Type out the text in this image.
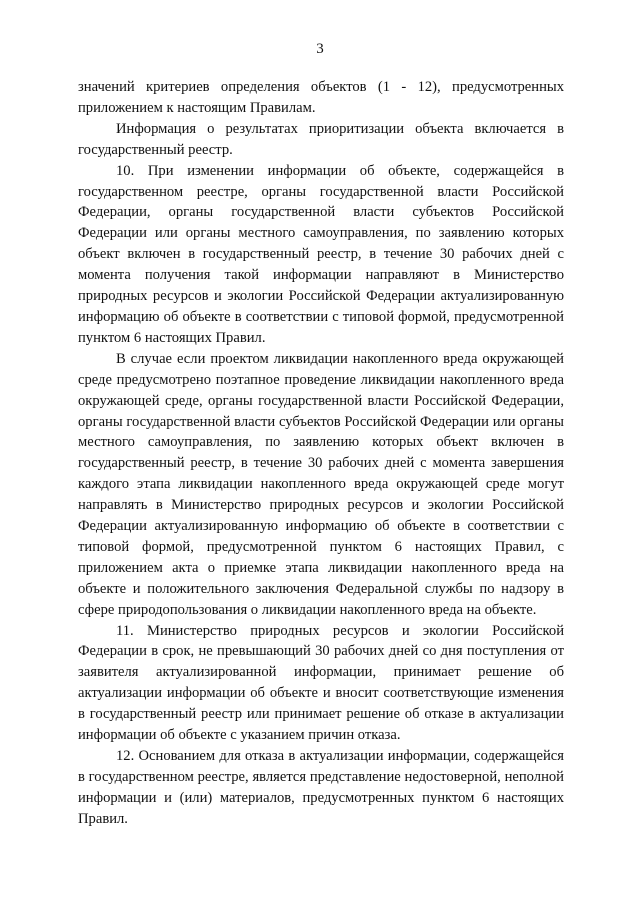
3

значений критериев определения объектов (1 - 12), предусмотренных приложением к настоящим Правилам.

Информация о результатах приоритизации объекта включается в государственный реестр.

10. При изменении информации об объекте, содержащейся в государственном реестре, органы государственной власти Российской Федерации, органы государственной власти субъектов Российской Федерации или органы местного самоуправления, по заявлению которых объект включен в государственный реестр, в течение 30 рабочих дней с момента получения такой информации направляют в Министерство природных ресурсов и экологии Российской Федерации актуализированную информацию об объекте в соответствии с типовой формой, предусмотренной пунктом 6 настоящих Правил.

В случае если проектом ликвидации накопленного вреда окружающей среде предусмотрено поэтапное проведение ликвидации накопленного вреда окружающей среде, органы государственной власти Российской Федерации, органы государственной власти субъектов Российской Федерации или органы местного самоуправления, по заявлению которых объект включен в государственный реестр, в течение 30 рабочих дней с момента завершения каждого этапа ликвидации накопленного вреда окружающей среде могут направлять в Министерство природных ресурсов и экологии Российской Федерации актуализированную информацию об объекте в соответствии с типовой формой, предусмотренной пунктом 6 настоящих Правил, с приложением акта о приемке этапа ликвидации накопленного вреда на объекте и положительного заключения Федеральной службы по надзору в сфере природопользования о ликвидации накопленного вреда на объекте.

11. Министерство природных ресурсов и экологии Российской Федерации в срок, не превышающий 30 рабочих дней со дня поступления от заявителя актуализированной информации, принимает решение об актуализации информации об объекте и вносит соответствующие изменения в государственный реестр или принимает решение об отказе в актуализации информации об объекте с указанием причин отказа.

12. Основанием для отказа в актуализации информации, содержащейся в государственном реестре, является представление недостоверной, неполной информации и (или) материалов, предусмотренных пунктом 6 настоящих Правил.
